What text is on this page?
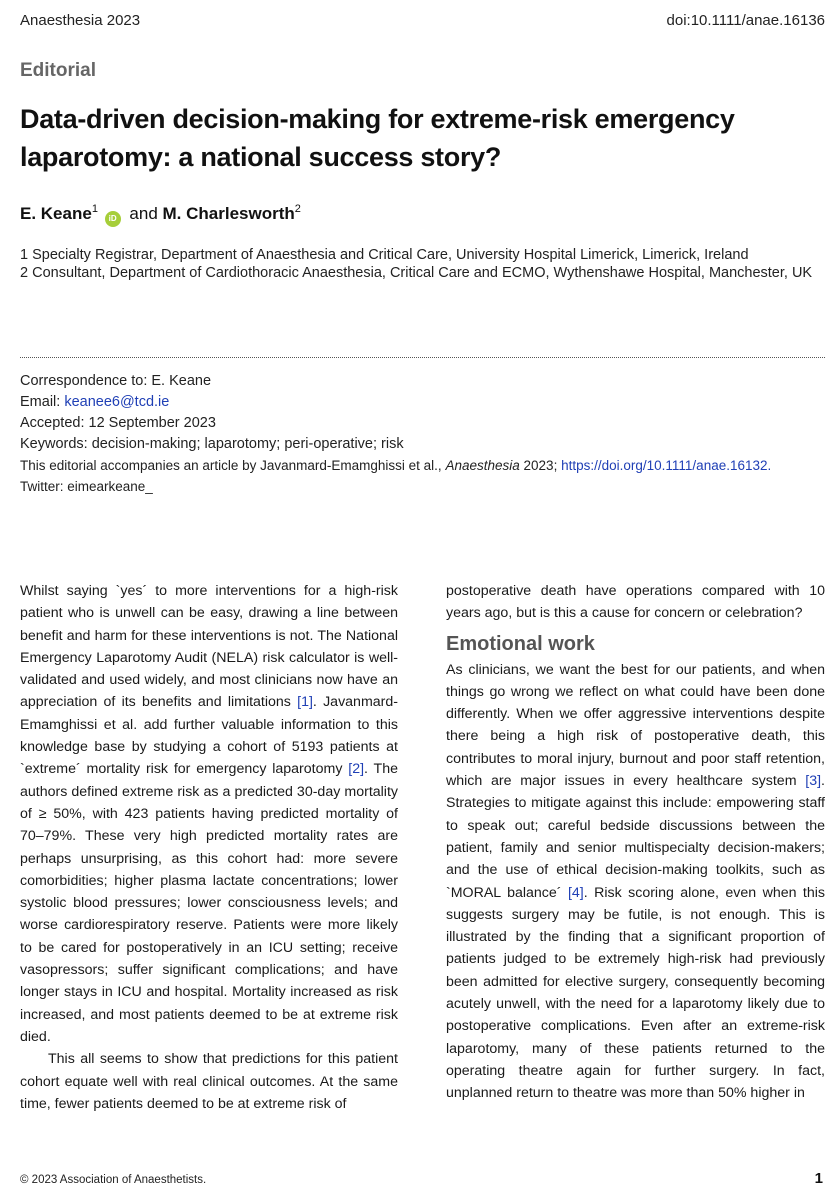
Anaesthesia 2023	doi:10.1111/anae.16136
Editorial
Data-driven decision-making for extreme-risk emergency laparotomy: a national success story?
E. Keane$^1$ iD and M. Charlesworth$^2$
1 Specialty Registrar, Department of Anaesthesia and Critical Care, University Hospital Limerick, Limerick, Ireland
2 Consultant, Department of Cardiothoracic Anaesthesia, Critical Care and ECMO, Wythenshawe Hospital, Manchester, UK
Correspondence to: E. Keane
Email: keanee6@tcd.ie
Accepted: 12 September 2023
Keywords: decision-making; laparotomy; peri-operative; risk
This editorial accompanies an article by Javanmard-Emamghissi et al., Anaesthesia 2023; https://doi.org/10.1111/anae.16132.
Twitter: eimearkeane_

Whilst saying `yes´ to more interventions for a high-risk patient who is unwell can be easy, drawing a line between benefit and harm for these interventions is not. The National Emergency Laparotomy Audit (NELA) risk calculator is well-validated and used widely, and most clinicians now have an appreciation of its benefits and limitations [1]. Javanmard-Emamghissi et al. add further valuable information to this knowledge base by studying a cohort of 5193 patients at `extreme´ mortality risk for emergency laparotomy [2]. The authors defined extreme risk as a predicted 30-day mortality of ≥ 50%, with 423 patients having predicted mortality of 70–79%. These very high predicted mortality rates are perhaps unsurprising, as this cohort had: more severe comorbidities; higher plasma lactate concentrations; lower systolic blood pressures; lower consciousness levels; and worse cardiorespiratory reserve. Patients were more likely to be cared for postoperatively in an ICU setting; receive vasopressors; suffer significant complications; and have longer stays in ICU and hospital. Mortality increased as risk increased, and most patients deemed to be at extreme risk died.

This all seems to show that predictions for this patient cohort equate well with real clinical outcomes. At the same time, fewer patients deemed to be at extreme risk of

postoperative death have operations compared with 10 years ago, but is this a cause for concern or celebration?

Emotional work

As clinicians, we want the best for our patients, and when things go wrong we reflect on what could have been done differently. When we offer aggressive interventions despite there being a high risk of postoperative death, this contributes to moral injury, burnout and poor staff retention, which are major issues in every healthcare system [3]. Strategies to mitigate against this include: empowering staff to speak out; careful bedside discussions between the patient, family and senior multispecialty decision-makers; and the use of ethical decision-making toolkits, such as `MORAL balance´ [4]. Risk scoring alone, even when this suggests surgery may be futile, is not enough. This is illustrated by the finding that a significant proportion of patients judged to be extremely high-risk had previously been admitted for elective surgery, consequently becoming acutely unwell, with the need for a laparotomy likely due to postoperative complications. Even after an extreme-risk laparotomy, many of these patients returned to the operating theatre again for further surgery. In fact, unplanned return to theatre was more than 50% higher in

© 2023 Association of Anaesthetists.	1
